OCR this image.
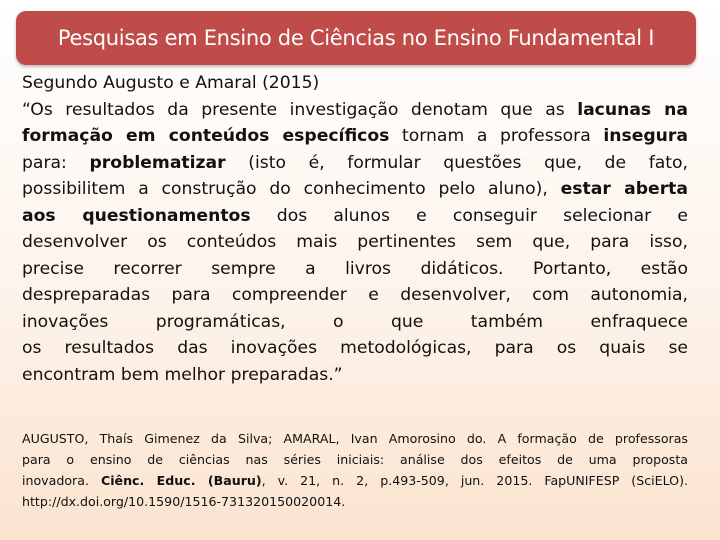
Pesquisas em Ensino de Ciências no Ensino Fundamental I
Segundo Augusto e Amaral (2015)
“Os resultados da presente investigação denotam que as lacunas na
formação em conteúdos específicos tornam a professora insegura
para: problematizar (isto é, formular questões que, de fato,
possibilitem a construção do conhecimento pelo aluno), estar aberta
aos questionamentos dos alunos e conseguir selecionar e
desenvolver os conteúdos mais pertinentes sem que, para isso,
precise recorrer sempre a livros didáticos. Portanto, estão
despreparadas para compreender e desenvolver, com autonomia,
inovações programáticas, o que também enfraquece
os resultados das inovações metodológicas, para os quais se
encontram bem melhor preparadas.”
AUGUSTO, Thaís Gimenez da Silva; AMARAL, Ivan Amorosino do. A formação de professoras
para o ensino de ciências nas séries iniciais: análise dos efeitos de uma proposta
inovadora. Ciênc. Educ. (Bauru), v. 21, n. 2, p.493-509, jun. 2015. FapUNIFESP (SciELO).
http://dx.doi.org/10.1590/1516-731320150020014.
